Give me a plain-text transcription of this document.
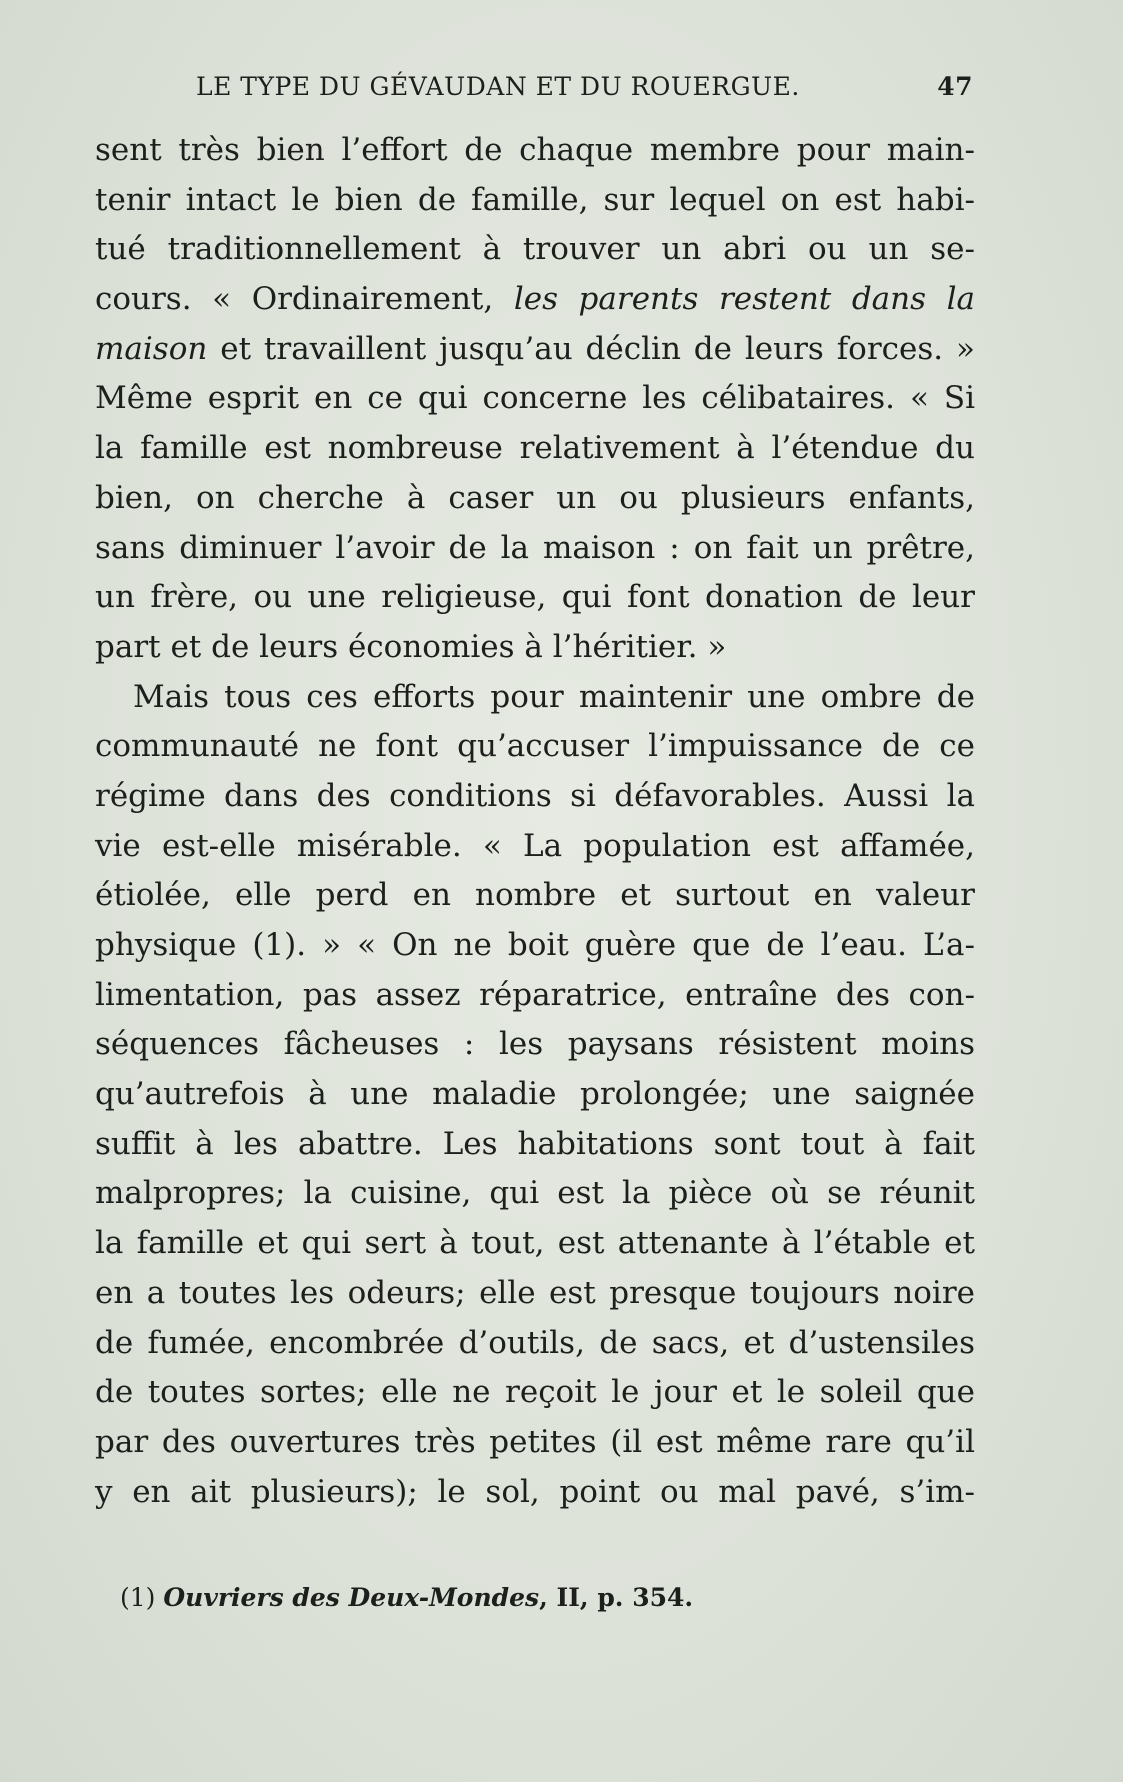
LE TYPE DU GÉVAUDAN ET DU ROUERGUE.	47
sent très bien l’effort de chaque membre pour main-
tenir intact le bien de famille, sur lequel on est habi-
tué traditionnellement à trouver un abri ou un se-
cours. « Ordinairement, les parents restent dans la
maison et travaillent jusqu’au déclin de leurs forces. »
Même esprit en ce qui concerne les célibataires. « Si
la famille est nombreuse relativement à l’étendue du
bien, on cherche à caser un ou plusieurs enfants,
sans diminuer l’avoir de la maison : on fait un prêtre,
un frère, ou une religieuse, qui font donation de leur
part et de leurs économies à l’héritier. »
Mais tous ces efforts pour maintenir une ombre de
communauté ne font qu’accuser l’impuissance de ce
régime dans des conditions si défavorables. Aussi la
vie est-elle misérable. « La population est affamée,
étiolée, elle perd en nombre et surtout en valeur
physique (1). » « On ne boit guère que de l’eau. L’a-
limentation, pas assez réparatrice, entraîne des con-
séquences fâcheuses : les paysans résistent moins
qu’autrefois à une maladie prolongée; une saignée
suffit à les abattre. Les habitations sont tout à fait
malpropres; la cuisine, qui est la pièce où se réunit
la famille et qui sert à tout, est attenante à l’étable et
en a toutes les odeurs; elle est presque toujours noire
de fumée, encombrée d’outils, de sacs, et d’ustensiles
de toutes sortes; elle ne reçoit le jour et le soleil que
par des ouvertures très petites (il est même rare qu’il
y en ait plusieurs); le sol, point ou mal pavé, s’im-
(1) Ouvriers des Deux-Mondes, II, p. 354.
